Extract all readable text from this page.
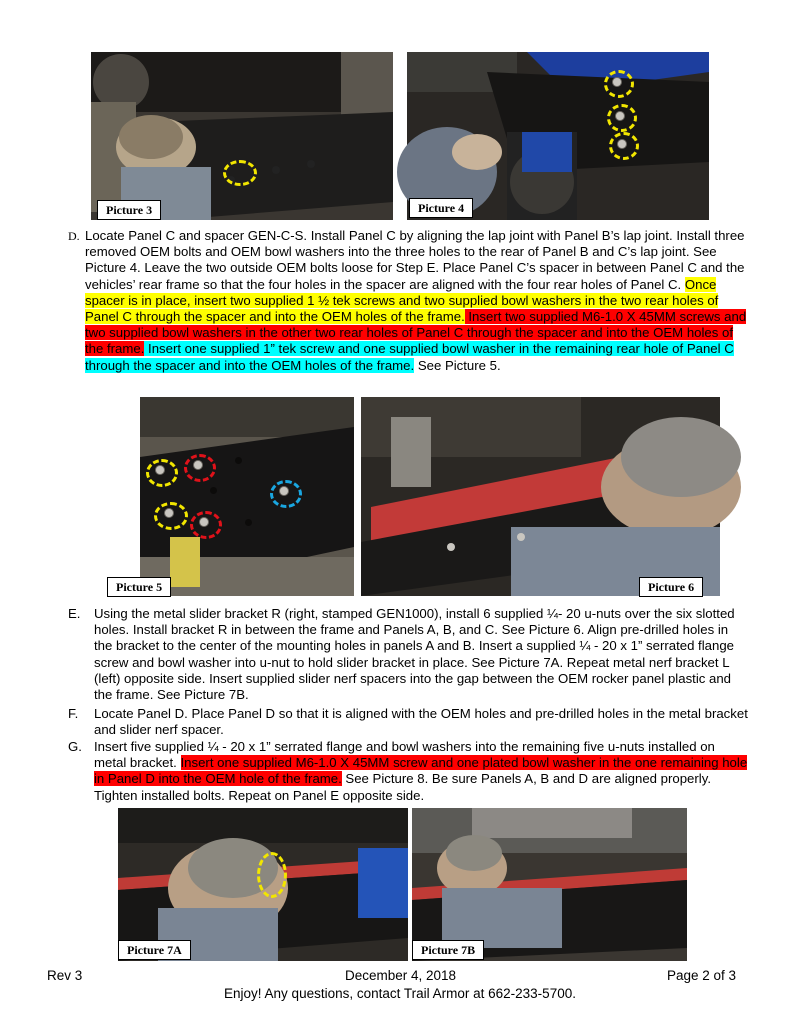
Picture 3	Picture 4
D. Locate Panel C and spacer GEN-C-S. Install Panel C by aligning the lap joint with Panel B’s lap joint. Install three removed OEM bolts and OEM bowl washers into the three holes to the rear of Panel B and C’s lap joint. See Picture 4. Leave the two outside OEM bolts loose for Step E. Place Panel C’s spacer in between Panel C and the vehicles’ rear frame so that the four holes in the spacer are aligned with the four rear holes of Panel C. Once spacer is in place, insert two supplied 1 ½ tek screws and two supplied bowl washers in the two rear holes of Panel C through the spacer and into the OEM holes of the frame. Insert two supplied M6-1.0 X 45MM screws and two supplied bowl washers in the other two rear holes of Panel C through the spacer and into the OEM holes of the frame. Insert one supplied 1” tek screw and one supplied bowl washer in the remaining rear hole of Panel C through the spacer and into the OEM holes of the frame. See Picture 5.
Picture 5	Picture 6
E.	Using the metal slider bracket R (right, stamped GEN1000), install 6 supplied ¼- 20 u-nuts over the six slotted holes. Install bracket R in between the frame and Panels A, B, and C. See Picture 6. Align pre-drilled holes in the bracket to the center of the mounting holes in panels A and B. Insert a supplied ¼ - 20 x 1” serrated flange screw and bowl washer into u-nut to hold slider bracket in place. See Picture 7A. Repeat metal nerf bracket L (left) opposite side. Insert supplied slider nerf spacers into the gap between the OEM rocker panel plastic and the frame. See Picture 7B.
F.	Locate Panel D. Place Panel D so that it is aligned with the OEM holes and pre-drilled holes in the metal bracket and slider nerf spacer.
G. Insert five supplied ¼ - 20 x 1” serrated flange and bowl washers into the remaining five u-nuts installed on metal bracket. Insert one supplied M6-1.0 X 45MM screw and one plated bowl washer in the one remaining hole in Panel D into the OEM hole of the frame. See Picture 8. Be sure Panels A, B and D are aligned properly. Tighten installed bolts. Repeat on Panel E opposite side.
Picture 7A	Picture 7B
Rev 3	December 4, 2018	Page 2 of 3
Enjoy! Any questions, contact Trail Armor at 662-233-5700.
